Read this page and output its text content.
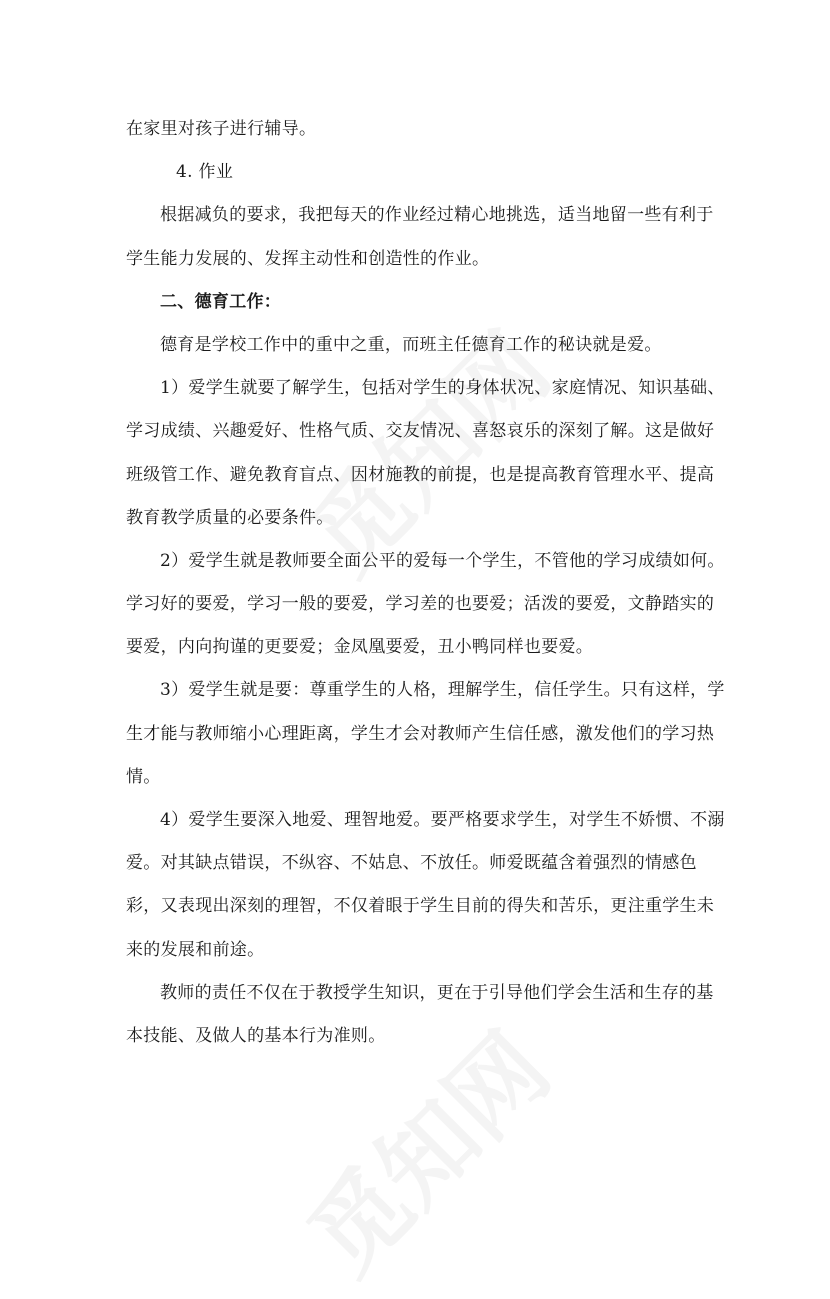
在家里对孩子进行辅导。
4. 作业
根据减负的要求，我把每天的作业经过精心地挑选，适当地留一些有利于
学生能力发展的、发挥主动性和创造性的作业。
二、德育工作：
德育是学校工作中的重中之重，而班主任德育工作的秘诀就是爱。
1）爱学生就要了解学生，包括对学生的身体状况、家庭情况、知识基础、
学习成绩、兴趣爱好、性格气质、交友情况、喜怒哀乐的深刻了解。这是做好
班级管工作、避免教育盲点、因材施教的前提，也是提高教育管理水平、提高
教育教学质量的必要条件。
2）爱学生就是教师要全面公平的爱每一个学生，不管他的学习成绩如何。
学习好的要爱，学习一般的要爱，学习差的也要爱；活泼的要爱，文静踏实的
要爱，内向拘谨的更要爱；金凤凰要爱，丑小鸭同样也要爱。
3）爱学生就是要：尊重学生的人格，理解学生，信任学生。只有这样，学
生才能与教师缩小心理距离，学生才会对教师产生信任感，激发他们的学习热
情。
4）爱学生要深入地爱、理智地爱。要严格要求学生，对学生不娇惯、不溺
爱。对其缺点错误，不纵容、不姑息、不放任。师爱既蕴含着强烈的情感色
彩，又表现出深刻的理智，不仅着眼于学生目前的得失和苦乐，更注重学生未
来的发展和前途。
教师的责任不仅在于教授学生知识，更在于引导他们学会生活和生存的基
本技能、及做人的基本行为准则。
